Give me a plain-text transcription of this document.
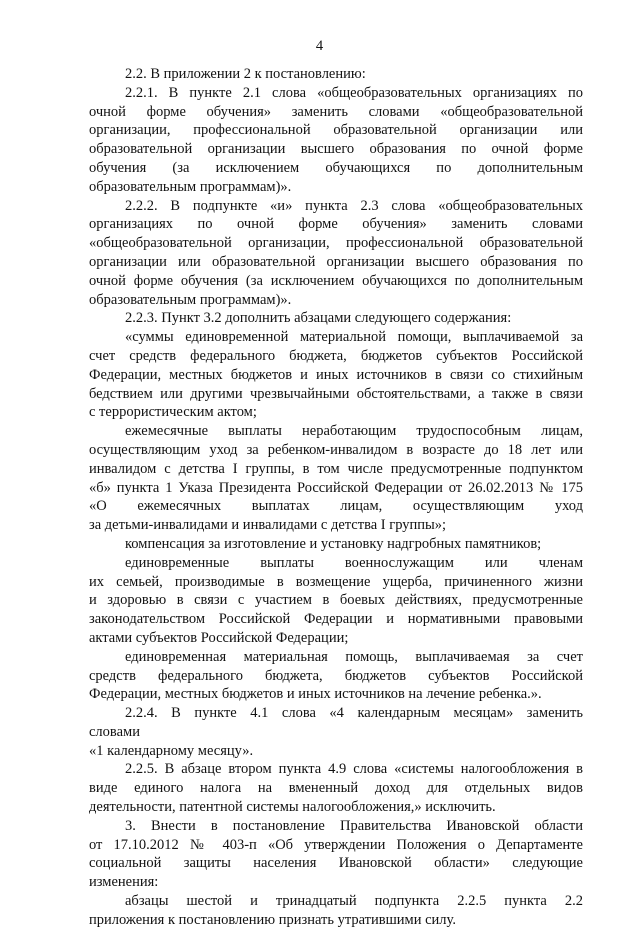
4
2.2. В приложении 2 к постановлению:
2.2.1. В пункте 2.1 слова «общеобразовательных организациях по
очной форме обучения» заменить словами «общеобразовательной
организации, профессиональной образовательной организации или
образовательной организации высшего образования по очной форме
обучения (за исключением обучающихся по дополнительным
образовательным программам)».
2.2.2. В подпункте «и» пункта 2.3 слова «общеобразовательных
организациях по очной форме обучения» заменить словами
«общеобразовательной организации, профессиональной образовательной
организации или образовательной организации высшего образования по
очной форме обучения (за исключением обучающихся по дополнительным
образовательным программам)».
2.2.3. Пункт 3.2 дополнить абзацами следующего содержания:
«суммы единовременной материальной помощи, выплачиваемой за
счет средств федерального бюджета, бюджетов субъектов Российской
Федерации, местных бюджетов и иных источников в связи со стихийным
бедствием или другими чрезвычайными обстоятельствами, а также в связи
с террористическим актом;
ежемесячные выплаты неработающим трудоспособным лицам,
осуществляющим уход за ребенком-инвалидом в возрасте до 18 лет или
инвалидом с детства I группы, в том числе предусмотренные подпунктом
«б» пункта 1 Указа Президента Российской Федерации от 26.02.2013 № 175
«О ежемесячных выплатах лицам, осуществляющим уход
за детьми-инвалидами и инвалидами с детства I группы»;
компенсация за изготовление и установку надгробных памятников;
единовременные выплаты военнослужащим или членам
их семьей, производимые в возмещение ущерба, причиненного жизни
и здоровью в связи с участием в боевых действиях, предусмотренные
законодательством Российской Федерации и нормативными правовыми
актами субъектов Российской Федерации;
единовременная материальная помощь, выплачиваемая за счет
средств федерального бюджета, бюджетов субъектов Российской
Федерации, местных бюджетов и иных источников на лечение ребенка.».
2.2.4. В пункте 4.1 слова «4 календарным месяцам» заменить
словами
«1 календарному месяцу».
2.2.5. В абзаце втором пункта 4.9 слова «системы налогообложения в
виде единого налога на вмененный доход для отдельных видов
деятельности, патентной системы налогообложения,» исключить.
3. Внести в постановление Правительства Ивановской области
от 17.10.2012 № 403-п «Об утверждении Положения о Департаменте
социальной защиты населения Ивановской области» следующие
изменения:
абзацы шестой и тринадцатый подпункта 2.2.5 пункта 2.2
приложения к постановлению признать утратившими силу.
